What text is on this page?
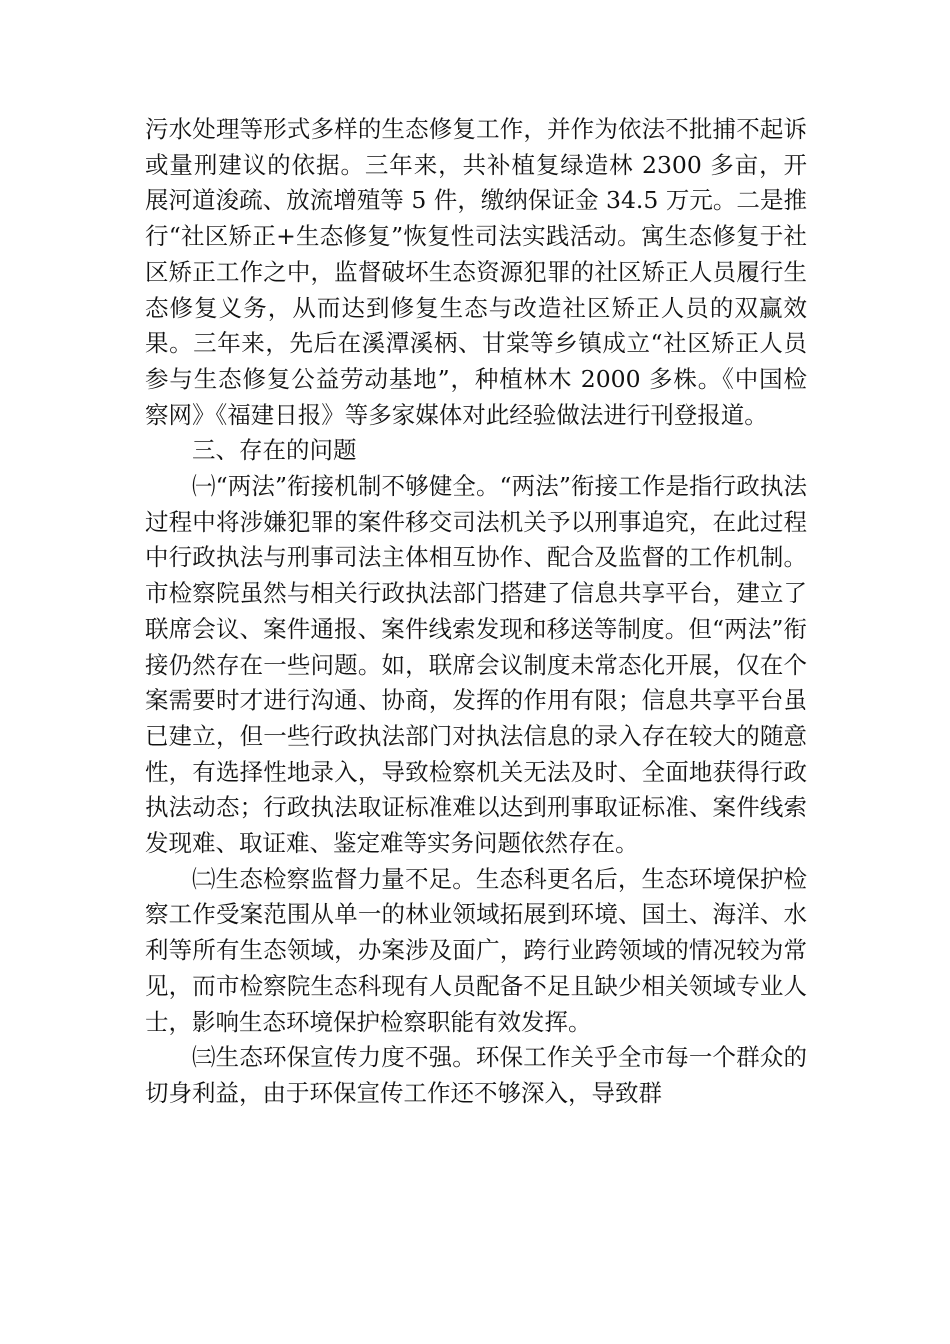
污水处理等形式多样的生态修复工作，并作为依法不批捕不起诉或量刑建议的依据。三年来，共补植复绿造林 2300 多亩，开展河道浚疏、放流增殖等 5 件，缴纳保证金 34.5 万元。二是推行“社区矫正+生态修复”恢复性司法实践活动。寓生态修复于社区矫正工作之中，监督破坏生态资源犯罪的社区矫正人员履行生态修复义务，从而达到修复生态与改造社区矫正人员的双赢效果。三年来，先后在溪潭溪柄、甘棠等乡镇成立“社区矫正人员参与生态修复公益劳动基地”，种植林木 2000 多株。《中国检察网》《福建日报》等多家媒体对此经验做法进行刊登报道。

三、存在的问题

㈠“两法”衔接机制不够健全。“两法”衔接工作是指行政执法过程中将涉嫌犯罪的案件移交司法机关予以刑事追究，在此过程中行政执法与刑事司法主体相互协作、配合及监督的工作机制。市检察院虽然与相关行政执法部门搭建了信息共享平台，建立了联席会议、案件通报、案件线索发现和移送等制度。但“两法”衔接仍然存在一些问题。如，联席会议制度未常态化开展，仅在个案需要时才进行沟通、协商，发挥的作用有限；信息共享平台虽已建立，但一些行政执法部门对执法信息的录入存在较大的随意性，有选择性地录入，导致检察机关无法及时、全面地获得行政执法动态；行政执法取证标准难以达到刑事取证标准、案件线索发现难、取证难、鉴定难等实务问题依然存在。

㈡生态检察监督力量不足。生态科更名后，生态环境保护检察工作受案范围从单一的林业领域拓展到环境、国土、海洋、水利等所有生态领域，办案涉及面广，跨行业跨领域的情况较为常见，而市检察院生态科现有人员配备不足且缺少相关领域专业人士，影响生态环境保护检察职能有效发挥。

㈢生态环保宣传力度不强。环保工作关乎全市每一个群众的切身利益，由于环保宣传工作还不够深入，导致群
